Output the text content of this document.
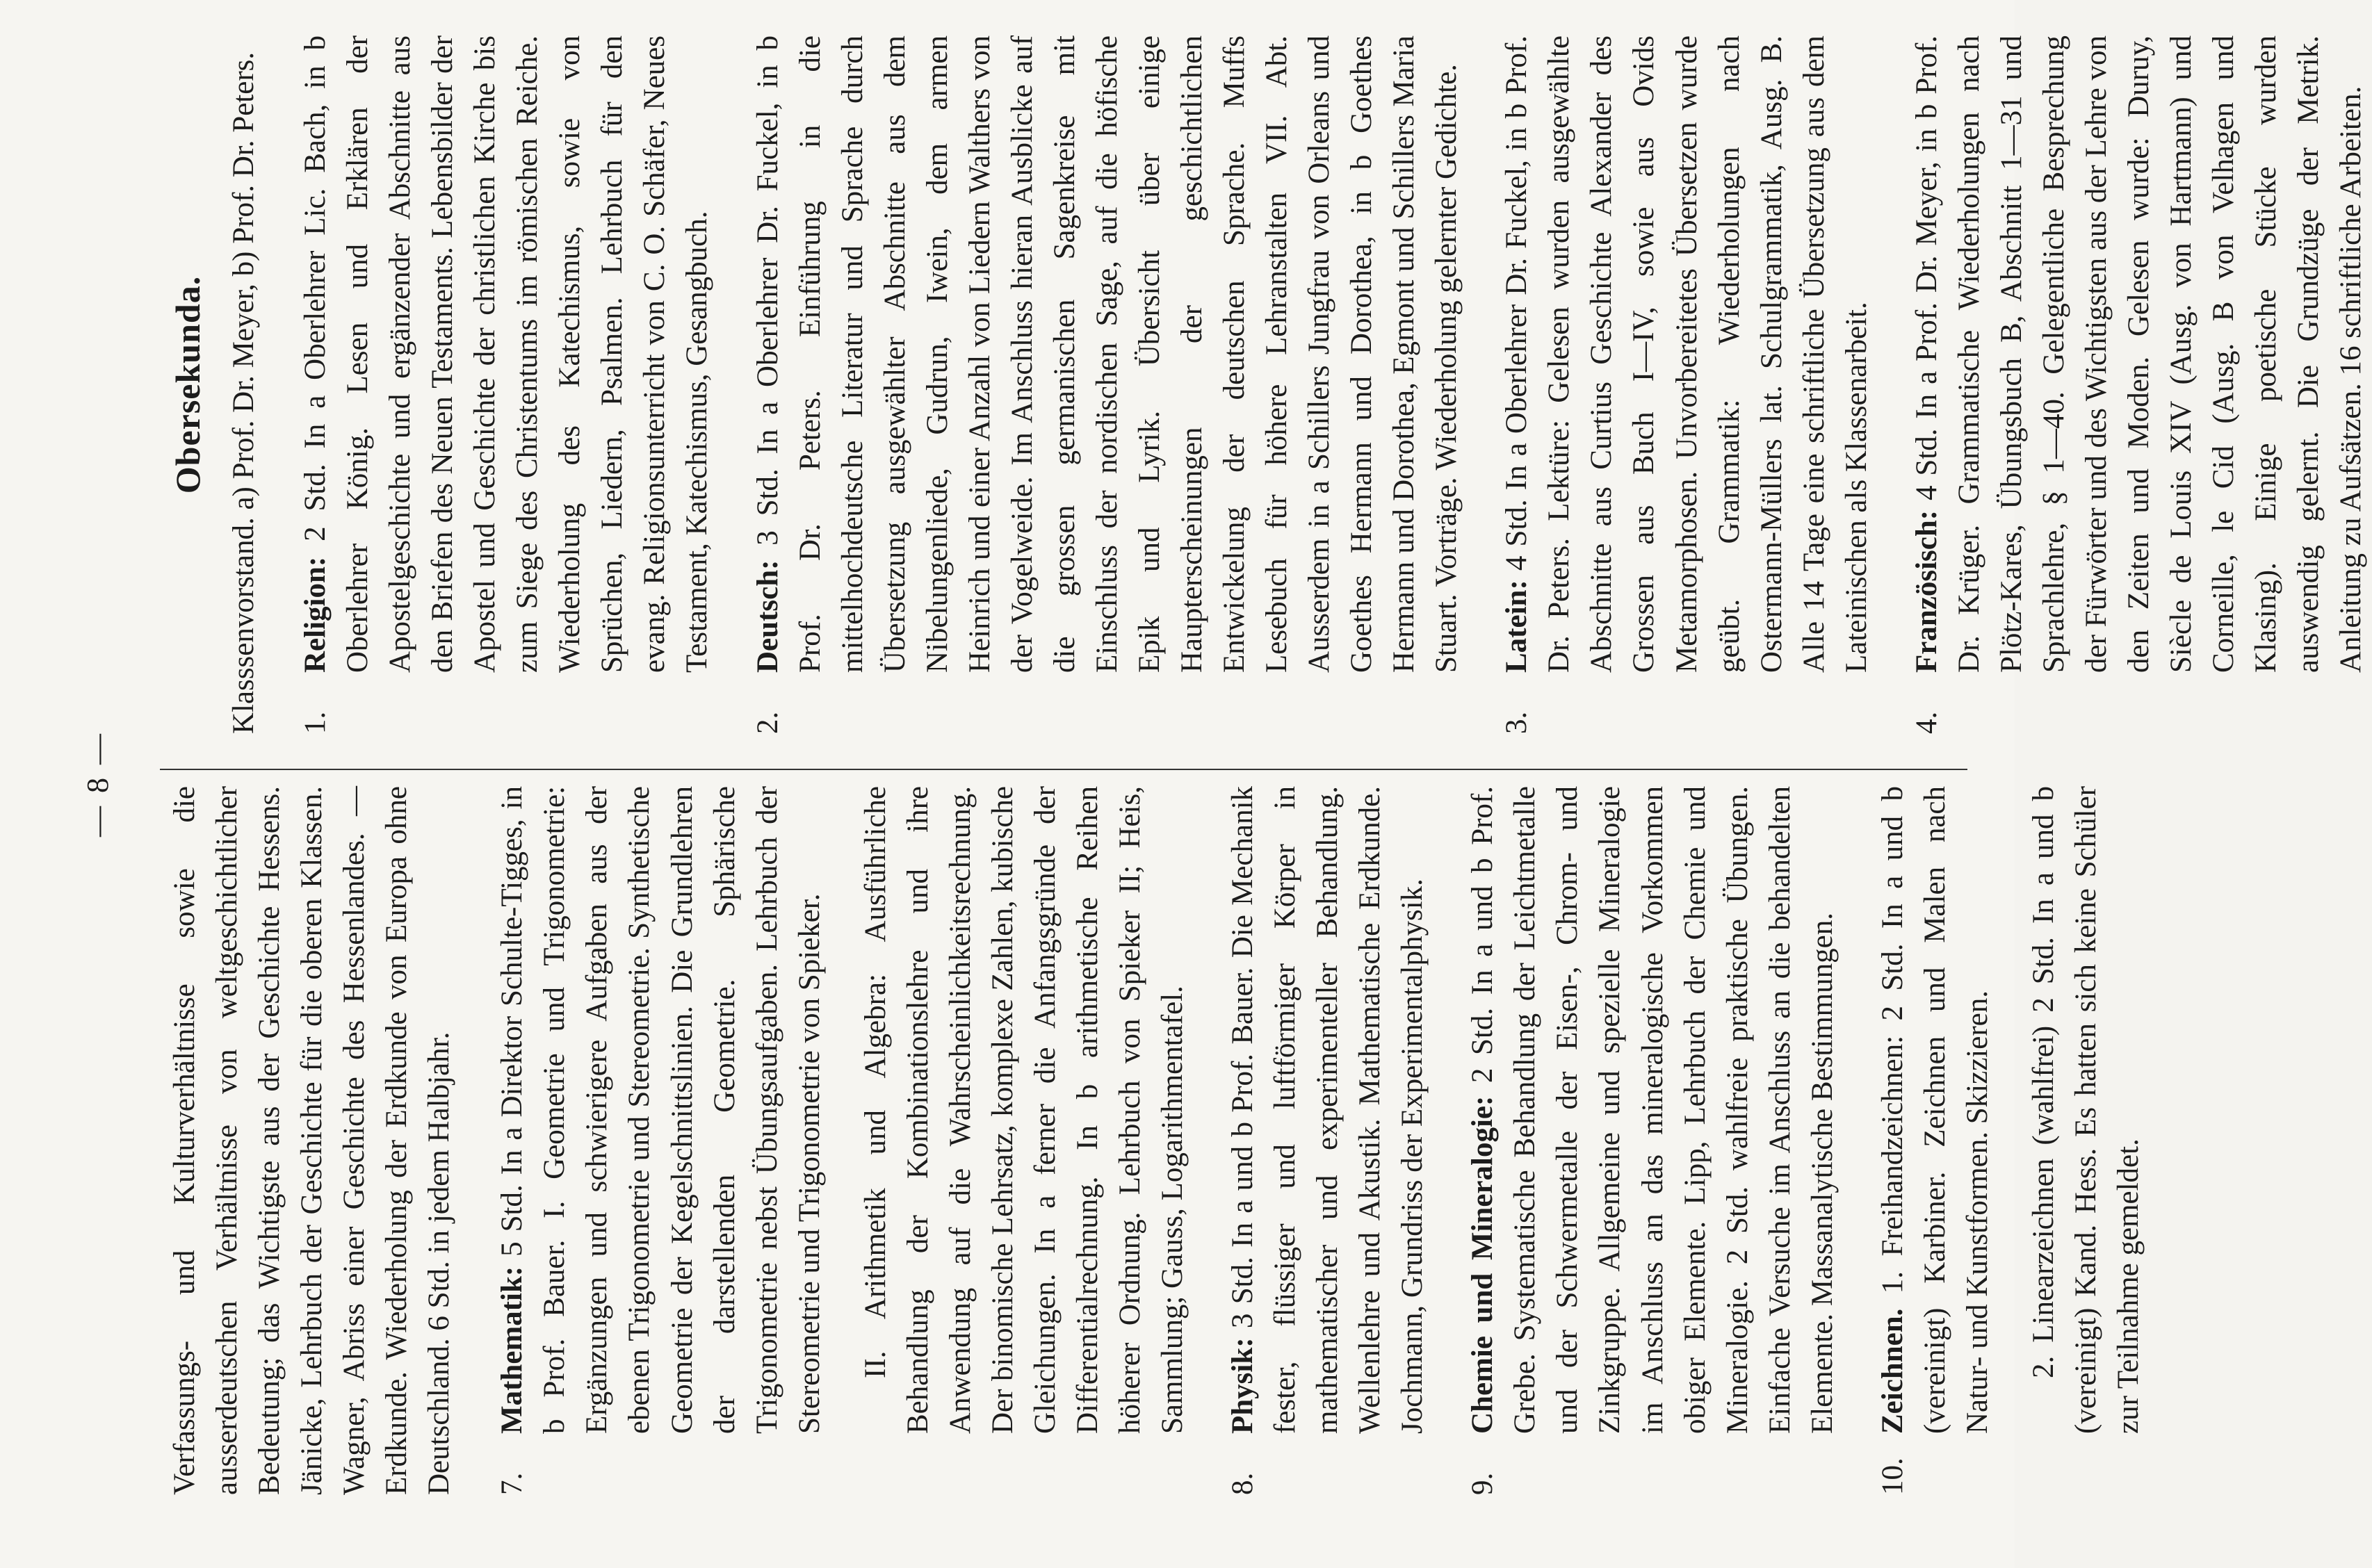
— 8 —

Verfassungs- und Kulturverhältnisse sowie die ausserdeutschen Verhältnisse von weltgeschichtlicher Bedeutung; das Wichtigste aus der Geschichte Hessens. Jänicke, Lehrbuch der Geschichte für die oberen Klassen. Wagner, Abriss einer Geschichte des Hessenlandes. — Erdkunde. Wiederholung der Erdkunde von Europa ohne Deutschland. 6 Std. in jedem Halbjahr. 7.

Mathematik: 5 Std. In a Direktor Schulte-Tigges, in b Prof. Bauer. I. Geometrie und Trigonometrie: Ergänzungen und schwierigere Aufgaben aus der ebenen Trigonometrie und Stereometrie. Synthetische Geometrie der Kegelschnittslinien. Die Grundlehren der darstellenden Geometrie. Sphärische Trigonometrie nebst Übungsaufgaben. Lehrbuch der Stereometrie und Trigonometrie von Spieker. II. Arithmetik und Algebra: Ausführliche Behandlung der Kombinationslehre und ihre Anwendung auf die Wahrscheinlichkeitsrechnung. Der binomische Lehrsatz, komplexe Zahlen, kubische Gleichungen. In a ferner die Anfangsgründe der Differentialrechnung. In b arithmetische Reihen höherer Ordnung. Lehrbuch von Spieker II; Heis, Sammlung; Gauss, Logarithmentafel.

8.

Physik: 3 Std. In a und b Prof. Bauer. Die Mechanik fester, flüssiger und luftförmiger Körper in mathematischer und experimenteller Behandlung. Wellenlehre und Akustik. Mathematische Erdkunde. Jochmann, Grundriss der Experimentalphysik.

9.

Chemie und Mineralogie: 2 Std. In a und b Prof. Grebe. Systematische Behandlung der Leichtmetalle und der Schwermetalle der Eisen-, Chrom- und Zinkgruppe. Allgemeine und spezielle Mineralogie im Anschluss an das mineralogische Vorkommen obiger Elemente. Lipp, Lehrbuch der Chemie und Mineralogie. 2 Std. wahlfreie praktische Übungen. Einfache Versuche im Anschluss an die behandelten Elemente. Massanalytische Bestimmungen.

10.

Zeichnen. 1. Freihandzeichnen: 2 Std. In a und b (vereinigt) Karbiner. Zeichnen und Malen nach Natur- und Kunstformen. Skizzieren. 2. Linearzeichnen (wahlfrei) 2 Std. In a und b (vereinigt) Kand. Hess. Es hatten sich keine Schüler zur Teilnahme gemeldet.

Obersekunda. Klasssenvorstand. a) Prof. Dr. Meyer, b) Prof. Dr. Peters. 1.

Religion: 2 Std. In a Oberlehrer Lic. Bach, in b Oberlehrer König. Lesen und Erklären der Apostelgeschichte und ergänzender Abschnitte aus den Briefen des Neuen Testaments. Lebensbilder der Apostel und Geschichte der christlichen Kirche bis zum Siege des Christentums im römischen Reiche. Wiederholung des Katechismus, sowie von Sprüchen, Liedern, Psalmen. Lehrbuch für den evang. Religionsunterricht von C. O. Schäfer, Neues Testament, Katechismus, Gesangbuch.

2.

Deutsch: 3 Std. In a Oberlehrer Dr. Fuckel, in b Prof. Dr. Peters. Einführung in die mittelhochdeutsche Literatur und Sprache durch Übersetzung ausgewählter Abschnitte aus dem Nibelungenliede, Gudrun, Iwein, dem armen Heinrich und einer Anzahl von Liedern Walthers von der Vogelweide. Im Anschluss hieran Ausblicke auf die grossen germanischen Sagenkreise mit Einschluss der nordischen Sage, auf die höfische Epik und Lyrik. Übersicht über einige Haupterscheinungen der geschichtlichen Entwickelung der deutschen Sprache. Muffs Lesebuch für höhere Lehranstalten VII. Abt. Ausserdem in a Schillers Jungfrau von Orleans und Goethes Hermann und Dorothea, in b Goethes Hermann und Dorothea, Egmont und Schillers Maria Stuart. Vorträge. Wiederholung gelernter Gedichte.

3.

Latein: 4 Std. In a Oberlehrer Dr. Fuckel, in b Prof. Dr. Peters. Lektüre: Gelesen wurden ausgewählte Abschnitte aus Curtius Geschichte Alexander des Grossen aus Buch I—IV, sowie aus Ovids Metamorphosen. Unvorbereitetes Übersetzen wurde geübt. Grammatik: Wiederholungen nach Ostermann-Müllers lat. Schulgrammatik, Ausg. B. Alle 14 Tage eine schriftliche Übersetzung aus dem Lateinischen als Klassenarbeit.

4.

Französisch: 4 Std. In a Prof. Dr. Meyer, in b Prof. Dr. Krüger. Grammatische Wiederholungen nach Plötz-Kares, Übungsbuch B, Abschnitt 1—31 und Sprachlehre, § 1—40. Gelegentliche Besprechung der Fürwörter und des Wichtigsten aus der Lehre von den Zeiten und Moden. Gelesen wurde: Duruy, Siècle de Louis XIV (Ausg. von Hartmann) und Corneille, le Cid (Ausg. B von Velhagen und Klasing). Einige poetische Stücke wurden auswendig gelernt. Die Grundzüge der Metrik. Anleitung zu Aufsätzen. 16 schriftliche Arbeiten.
